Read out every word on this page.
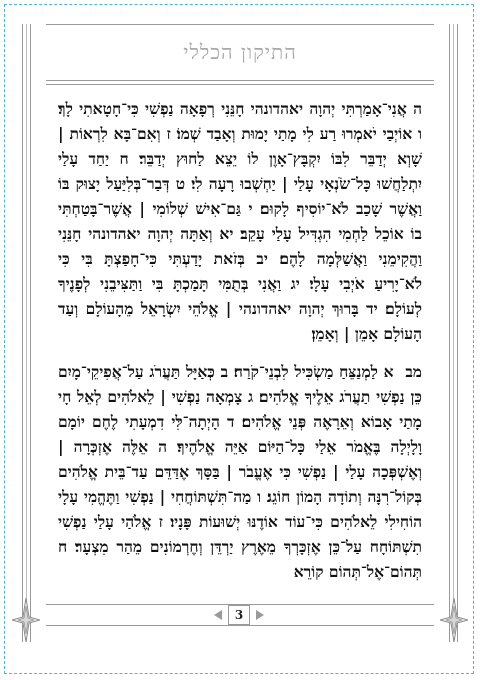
התיקון הכללי
ה אֲנִי־אָמַרְתִּי יְהוָה יאהדונהי חָנֵּנִי רְפָאָה נַפְשִׁי כִּי־חָטָאתִי לָךְ׃ ו אוֹיְבַי יֹאמְרוּ רַע לִי מָתַי יָמוּת וְאָבַד שְׁמוֹ׃ ז וְאִם־בָּא לִרְאוֹת | שָׁוְא יְדַבֵּר לִבּוֹ יִקְבָּץ־אָוֶן לוֹ יֵצֵא לַחוּץ יְדַבֵּר׃ ח יַחַד עָלַי יִתְלַחֲשׁוּ כָּל־שֹׂנְאָי עָלַי | יַחְשְׁבוּ רָעָה לִי׃ ט דְּבַר־בְּלִיַּעַל יָצוּק בּוֹ וַאֲשֶׁר שָׁכַב לֹא־יוֹסִיף לָקוּם׃ י גַּם־אִישׁ שְׁלוֹמִי | אֲשֶׁר־בָּטַחְתִּי בוֹ אוֹכֵל לַחְמִי הִגְדִּיל עָלַי עָקֵב׃ יא וְאַתָּה יְהוָה יאהדונהי חָנֵּנִי וַהֲקִימֵנִי וַאֲשַׁלְּמָה לָהֶם׃ יב בְּזֹאת יָדַעְתִּי כִּי־חָפַצְתָּ בִּי כִּי לֹא־יָרִיעַ אֹיְבִי עָלָי׃ יג וַאֲנִי בְּתֻמִּי תָּמַכְתָּ בִּי וַתַּצִּיבֵנִי לְפָנֶיךָ לְעוֹלָם׃ יד בָּרוּךְ יְהוָה יאהדונהי | אֱלֹהֵי יִשְׂרָאֵל מֵהָעוֹלָם וְעַד הָעוֹלָם אָמֵן | וְאָמֵן׃
מב א לַמְנַצֵּחַ מַשְׂכִּיל לִבְנֵי־קֹרַח׃ ב כְּאַיָּל תַּעֲרֹג עַל־אֲפִיקֵי־מָיִם כֵּן נַפְשִׁי תַעֲרֹג אֵלֶיךָ אֱלֹהִים׃ ג צָמְאָה נַפְשִׁי | לֵאלֹהִים לְאֵל חָי מָתַי אָבוֹא וְאֵרָאֶה פְּנֵי אֱלֹהִים׃ ד הָיְתָה־לִּי דִמְעָתִי לֶחֶם יוֹמָם וָלָיְלָה בֶּאֱמֹר אֵלַי כָּל־הַיּוֹם אַיֵּה אֱלֹהֶיךָ׃ ה אֵלֶּה אֶזְכְּרָה | וְאֶשְׁפְּכָה עָלַי | נַפְשִׁי כִּי אֶעֱבֹר | בַּסָּךְ אֶדַּדֵּם עַד־בֵּית אֱלֹהִים בְּקוֹל־רִנָּה וְתוֹדָה הָמוֹן חוֹגֵג׃ ו מַה־תִּשְׁתּוֹחֲחִי | נַפְשִׁי וַתֶּהֱמִי עָלָי הוֹחִילִי לֵאלֹהִים כִּי־עוֹד אוֹדֶנּוּ יְשׁוּעוֹת פָּנָיו׃ ז אֱלֹהַי עָלַי נַפְשִׁי תִשְׁתּוֹחָח עַל־כֵּן אֶזְכָּרְךָ מֵאֶרֶץ יַרְדֵּן וְחֶרְמוֹנִים מֵהַר מִצְעָר׃ ח תְּהוֹם־אֶל־תְּהוֹם קוֹרֵא
3
